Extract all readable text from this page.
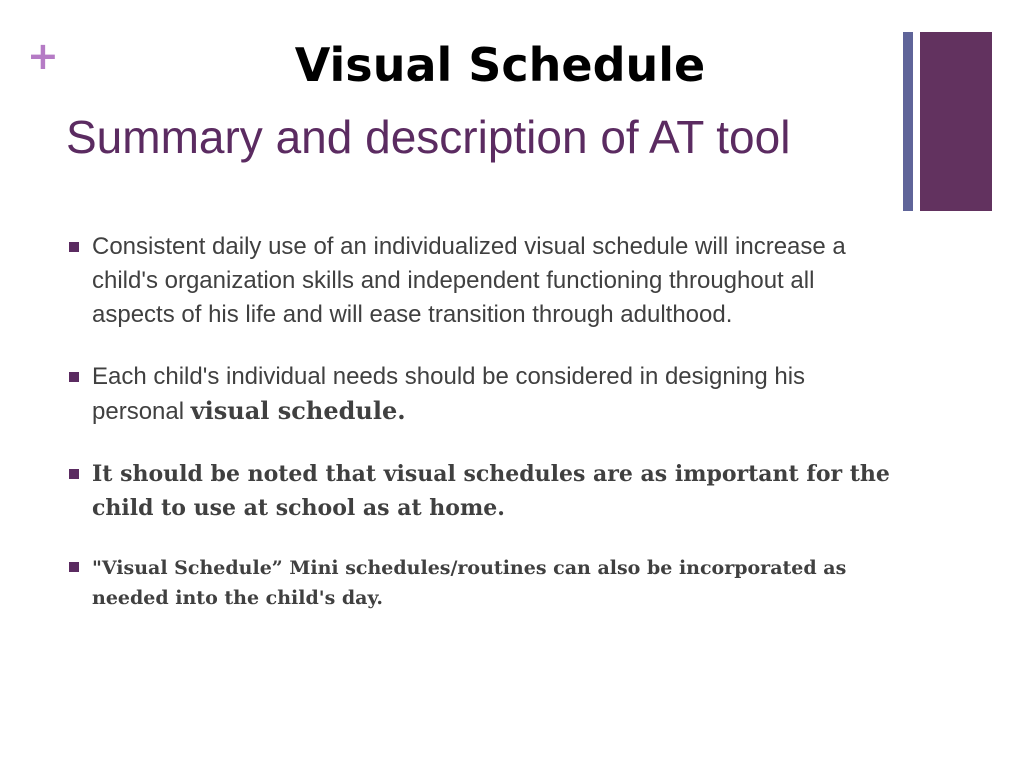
+	Visual Schedule
Summary and description of AT tool
Consistent daily use of an individualized visual schedule will increase a child's organization skills and independent functioning throughout all aspects of his life and will ease transition through adulthood.
Each child's individual needs should be considered in designing his personal visual schedule.
It should be noted that visual schedules are as important for the child to use at school as at home.
"Visual Schedule” Mini schedules/routines can also be incorporated as needed into the child's day.
